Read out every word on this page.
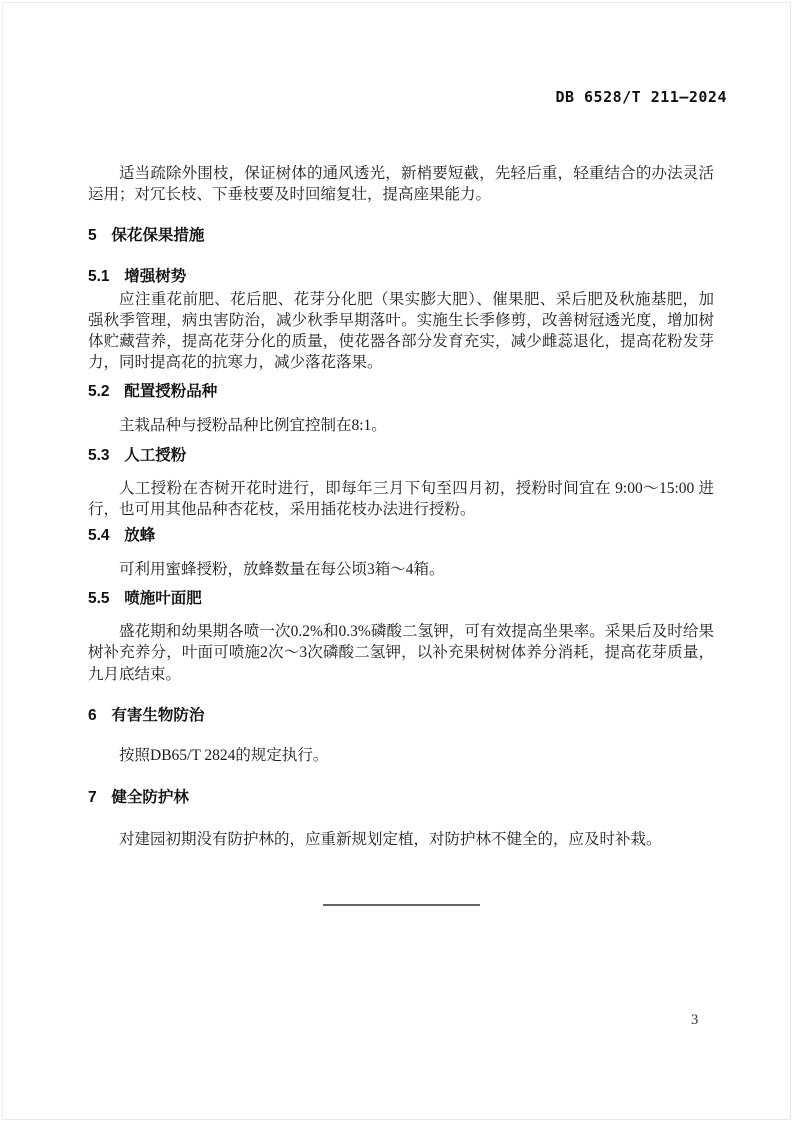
DB 6528/T 211—2024

适当疏除外围枝，保证树体的通风透光，新梢要短截，先轻后重，轻重结合的办法灵活运用；对冗长枝、下垂枝要及时回缩复壮，提高座果能力。

5 保花保果措施
5.1 增强树势

应注重花前肥、花后肥、花芽分化肥（果实膨大肥）、催果肥、采后肥及秋施基肥，加强秋季管理，病虫害防治，减少秋季早期落叶。实施生长季修剪，改善树冠透光度，增加树体贮藏营养，提高花芽分化的质量，使花器各部分发育充实，减少雌蕊退化，提高花粉发芽力，同时提高花的抗寒力，减少落花落果。

5.2 配置授粉品种

主栽品种与授粉品种比例宜控制在8:1。

5.3 人工授粉

人工授粉在杏树开花时进行，即每年三月下旬至四月初，授粉时间宜在 9:00～15:00 进行，也可用其他品种杏花枝，采用插花枝办法进行授粉。

5.4 放蜂

可利用蜜蜂授粉，放蜂数量在每公顷3箱～4箱。

5.5 喷施叶面肥

盛花期和幼果期各喷一次0.2%和0.3%磷酸二氢钾，可有效提高坐果率。采果后及时给果树补充养分，叶面可喷施2次～3次磷酸二氢钾，以补充果树树体养分消耗，提高花芽质量，九月底结束。

6 有害生物防治

按照DB65/T 2824的规定执行。

7 健全防护林

对建园初期没有防护林的，应重新规划定植，对防护林不健全的，应及时补栽。

3
